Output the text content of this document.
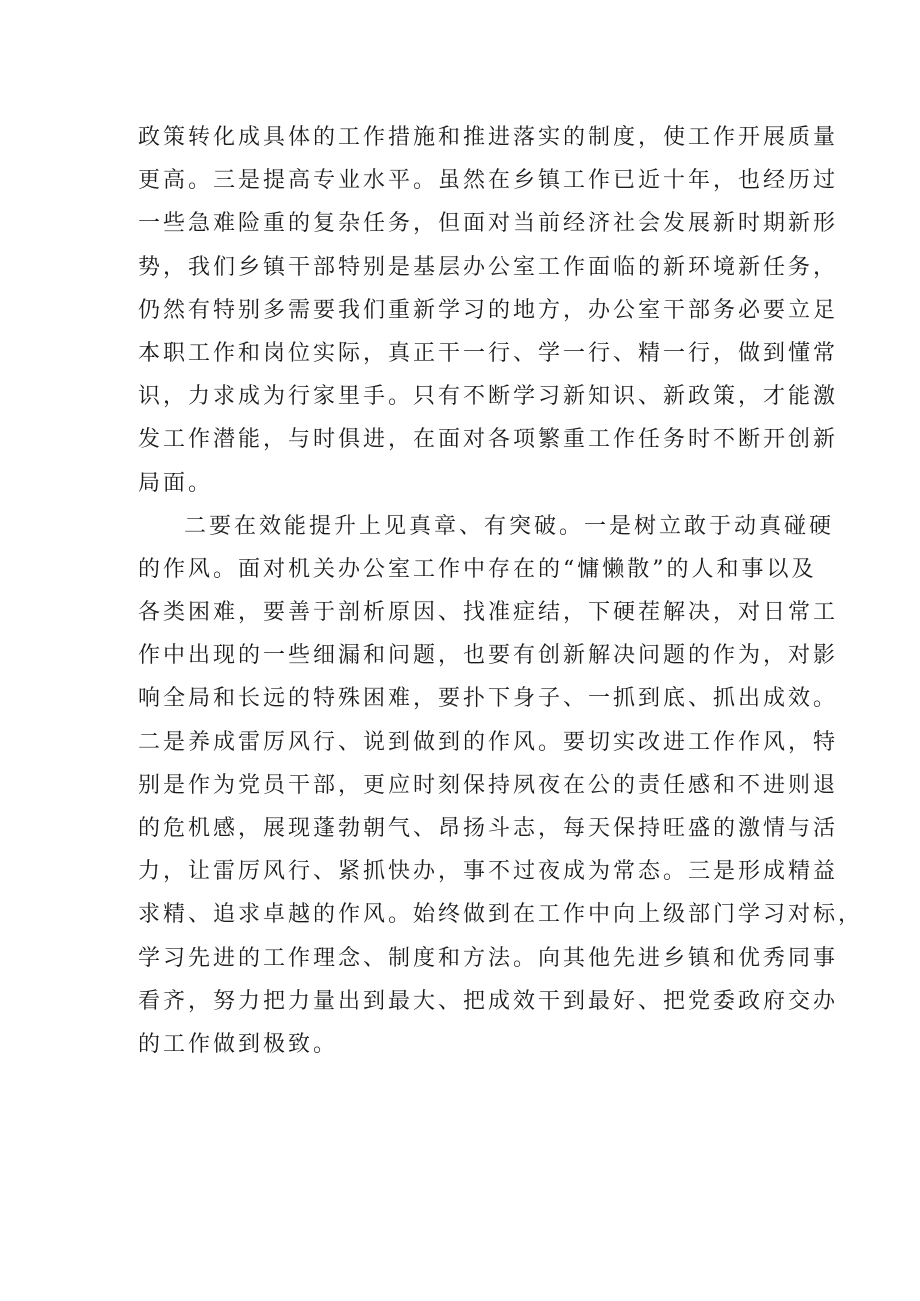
政策转化成具体的工作措施和推进落实的制度，使工作开展质量
更高。三是提高专业水平。虽然在乡镇工作已近十年，也经历过
一些急难险重的复杂任务，但面对当前经济社会发展新时期新形
势，我们乡镇干部特别是基层办公室工作面临的新环境新任务，
仍然有特别多需要我们重新学习的地方，办公室干部务必要立足
本职工作和岗位实际，真正干一行、学一行、精一行，做到懂常
识，力求成为行家里手。只有不断学习新知识、新政策，才能激
发工作潜能，与时俱进，在面对各项繁重工作任务时不断开创新
局面。
二要在效能提升上见真章、有突破。一是树立敢于动真碰硬
的作风。面对机关办公室工作中存在的“慵懒散”的人和事以及
各类困难，要善于剖析原因、找准症结，下硬茬解决，对日常工
作中出现的一些细漏和问题，也要有创新解决问题的作为，对影
响全局和长远的特殊困难，要扑下身子、一抓到底、抓出成效。
二是养成雷厉风行、说到做到的作风。要切实改进工作作风，特
别是作为党员干部，更应时刻保持夙夜在公的责任感和不进则退
的危机感，展现蓬勃朝气、昂扬斗志，每天保持旺盛的激情与活
力，让雷厉风行、紧抓快办，事不过夜成为常态。三是形成精益
求精、追求卓越的作风。始终做到在工作中向上级部门学习对标，
学习先进的工作理念、制度和方法。向其他先进乡镇和优秀同事
看齐，努力把力量出到最大、把成效干到最好、把党委政府交办
的工作做到极致。
